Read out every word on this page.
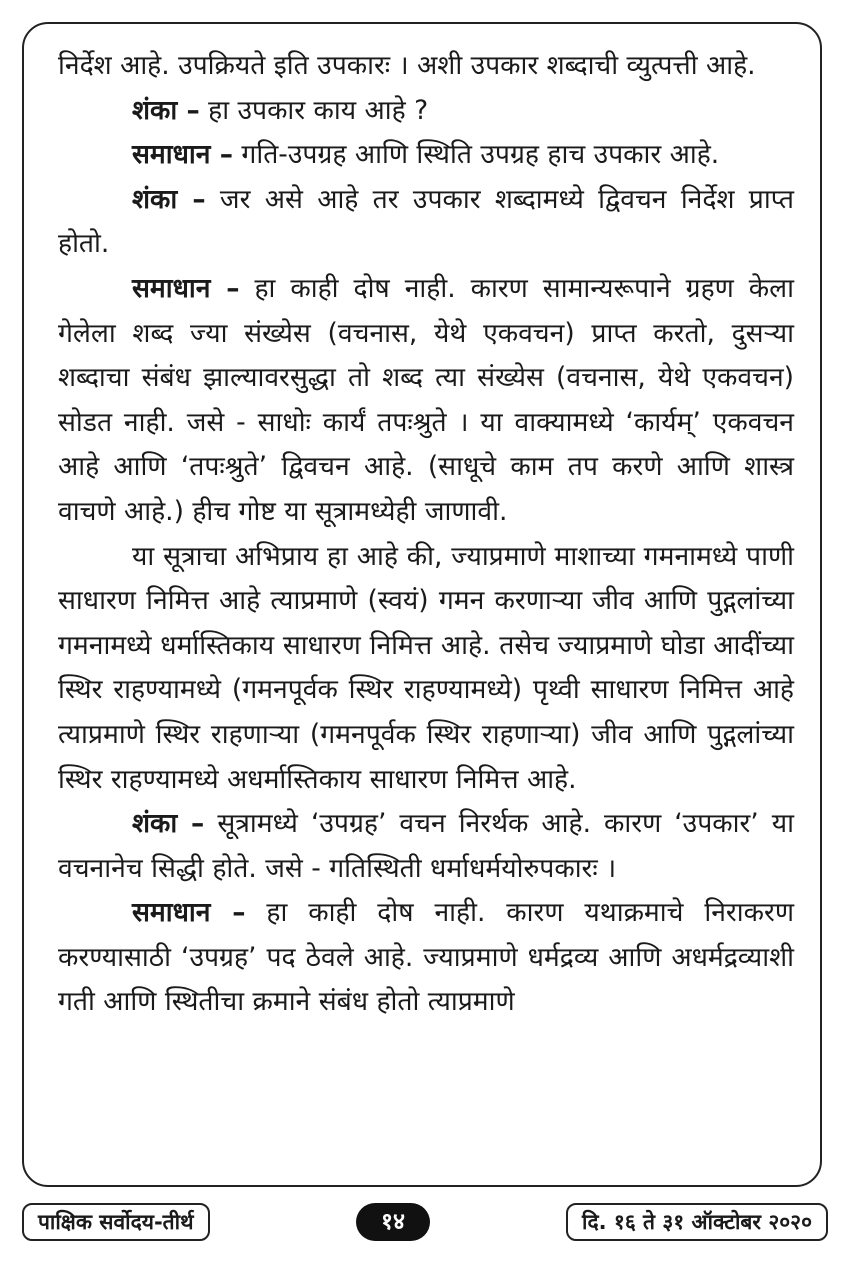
निर्देश आहे. उपक्रियते इति उपकारः । अशी उपकार शब्दाची व्युत्पत्ती आहे.

शंका – हा उपकार काय आहे ?

समाधान – गति-उपग्रह आणि स्थिति उपग्रह हाच उपकार आहे.

शंका – जर असे आहे तर उपकार शब्दामध्ये द्विवचन निर्देश प्राप्त होतो.

समाधान – हा काही दोष नाही. कारण सामान्यरूपाने ग्रहण केला गेलेला शब्द ज्या संख्येस (वचनास, येथे एकवचन) प्राप्त करतो, दुसऱ्या शब्दाचा संबंध झाल्यावरसुद्धा तो शब्द त्या संख्येस (वचनास, येथे एकवचन) सोडत नाही. जसे - साधोः कार्यं तपःश्रुते । या वाक्यामध्ये ‘कार्यम्’ एकवचन आहे आणि ‘तपःश्रुते’ द्विवचन आहे. (साधूचे काम तप करणे आणि शास्त्र वाचणे आहे.) हीच गोष्ट या सूत्रामध्येही जाणावी.

या सूत्राचा अभिप्राय हा आहे की, ज्याप्रमाणे माशाच्या गमनामध्ये पाणी साधारण निमित्त आहे त्याप्रमाणे (स्वयं) गमन करणाऱ्या जीव आणि पुद्गलांच्या गमनामध्ये धर्मास्तिकाय साधारण निमित्त आहे. तसेच ज्याप्रमाणे घोडा आदींच्या स्थिर राहण्यामध्ये (गमनपूर्वक स्थिर राहण्यामध्ये) पृथ्वी साधारण निमित्त आहे त्याप्रमाणे स्थिर राहणाऱ्या (गमनपूर्वक स्थिर राहणाऱ्या) जीव आणि पुद्गलांच्या स्थिर राहण्यामध्ये अधर्मास्तिकाय साधारण निमित्त आहे.

शंका – सूत्रामध्ये ‘उपग्रह’ वचन निरर्थक आहे. कारण ‘उपकार’ या वचनानेच सिद्धी होते. जसे - गतिस्थिती धर्माधर्मयोरुपकारः ।

समाधान – हा काही दोष नाही. कारण यथाक्रमाचे निराकरण करण्यासाठी ‘उपग्रह’ पद ठेवले आहे. ज्याप्रमाणे धर्मद्रव्य आणि अधर्मद्रव्याशी गती आणि स्थितीचा क्रमाने संबंध होतो त्याप्रमाणे

पाक्षिक सर्वोदय-तीर्थ	१४	दि. १६ ते ३१ ऑक्टोबर २०२०
